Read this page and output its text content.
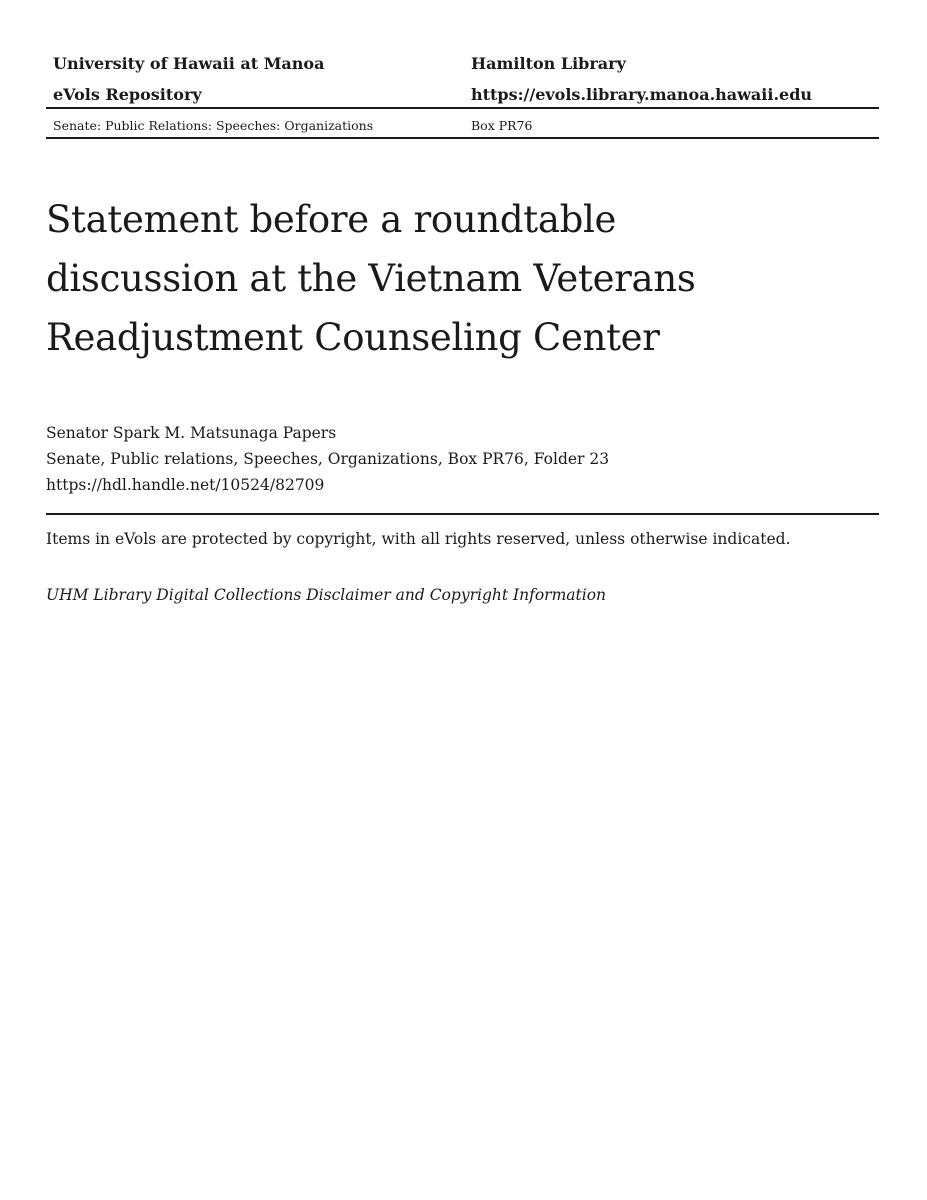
University of Hawaii at Manoa	Hamilton Library
eVols Repository	https://evols.library.manoa.hawaii.edu
Senate: Public Relations: Speeches: Organizations	Box PR76
Statement before a roundtable
discussion at the Vietnam Veterans
Readjustment Counseling Center
Senator Spark M. Matsunaga Papers
Senate, Public relations, Speeches, Organizations, Box PR76, Folder 23
https://hdl.handle.net/10524/82709
Items in eVols are protected by copyright, with all rights reserved, unless otherwise indicated.
UHM Library Digital Collections Disclaimer and Copyright Information
